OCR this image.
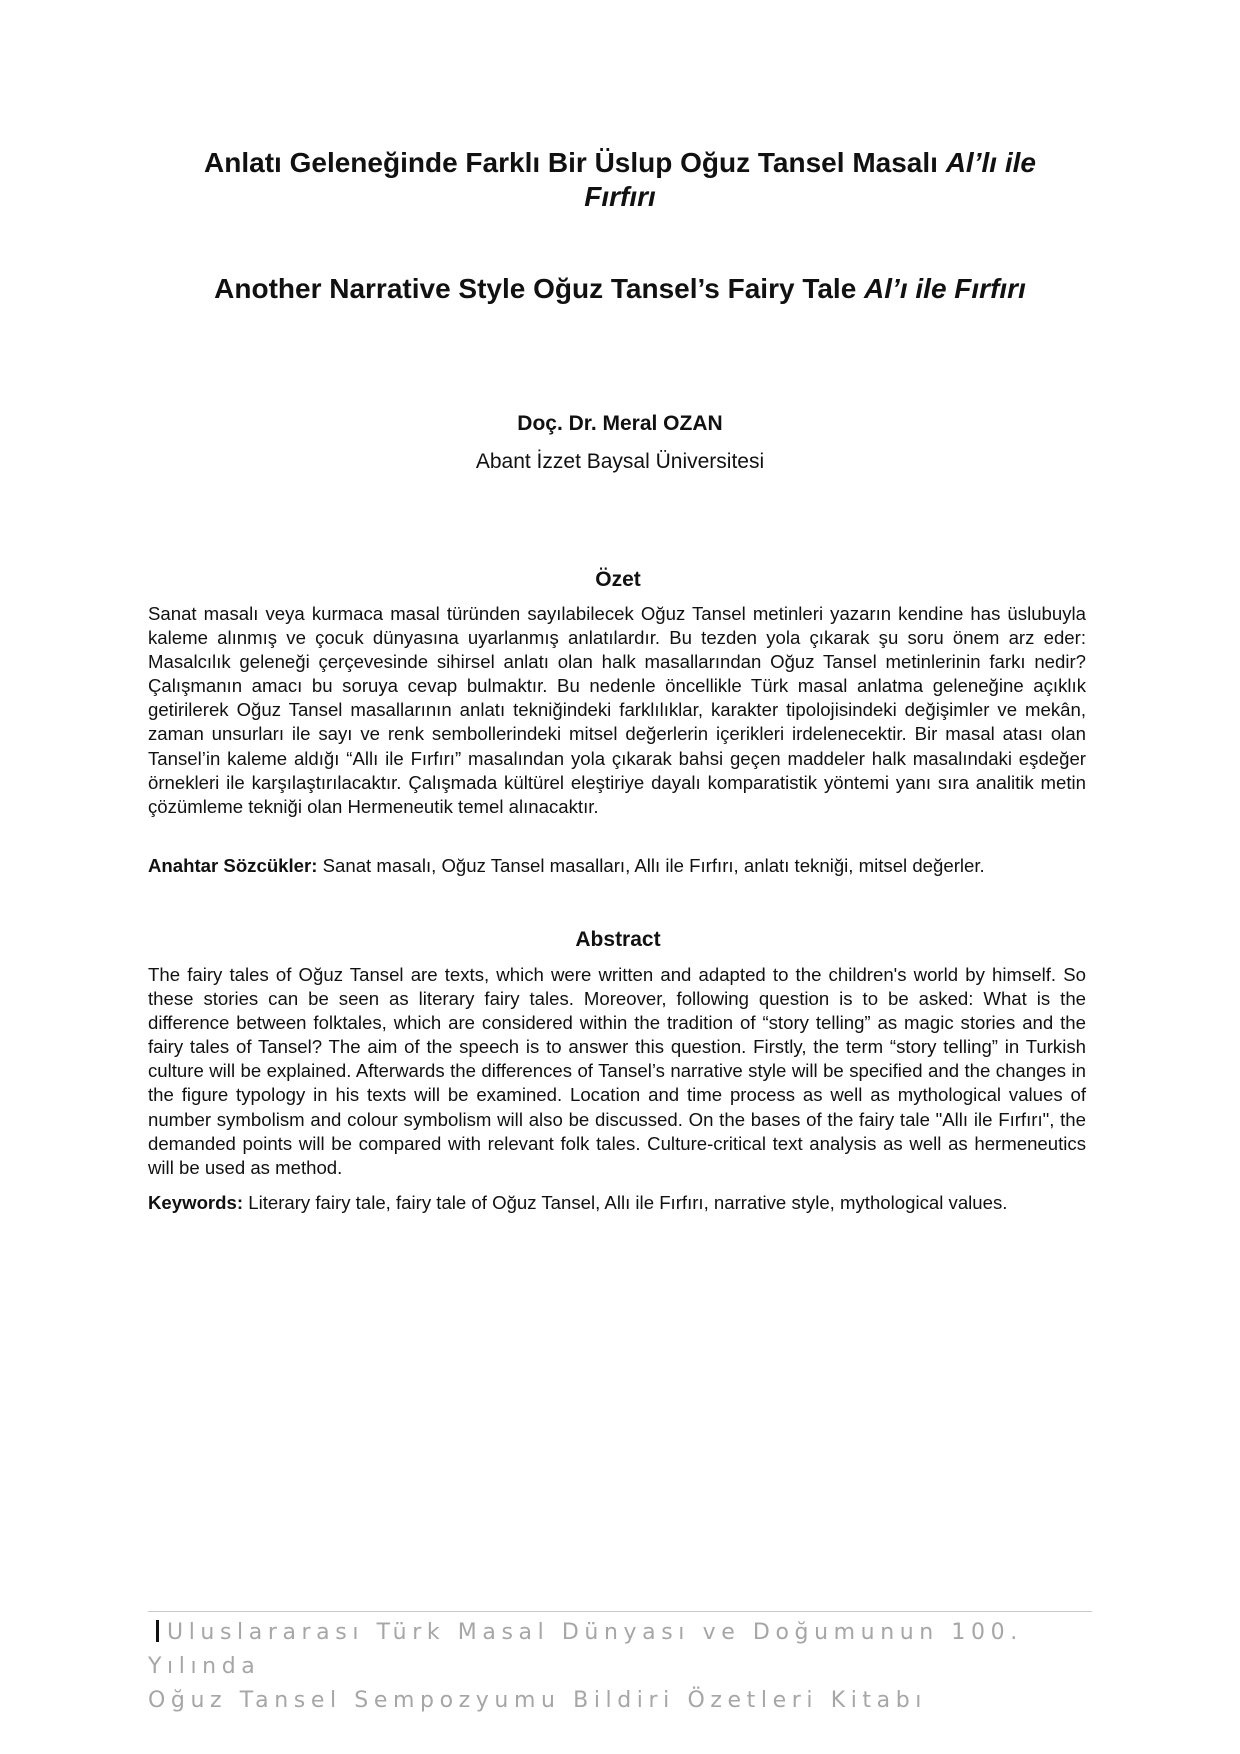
Anlatı Geleneğinde Farklı Bir Üslup Oğuz Tansel Masalı Al’lı ile
Fırfırı
Another Narrative Style Oğuz Tansel’s Fairy Tale Al’ı ile Fırfırı
Doç. Dr. Meral OZAN
Abant İzzet Baysal Üniversitesi
Özet
Sanat masalı veya kurmaca masal türünden sayılabilecek Oğuz Tansel metinleri yazarın kendine has üslubuyla kaleme alınmış ve çocuk dünyasına uyarlanmış anlatılardır. Bu tezden yola çıkarak şu soru önem arz eder: Masalcılık geleneği çerçevesinde sihirsel anlatı olan halk masallarından Oğuz Tansel metinlerinin farkı nedir? Çalışmanın amacı bu soruya cevap bulmaktır. Bu nedenle öncellikle Türk masal anlatma geleneğine açıklık getirilerek Oğuz Tansel masallarının anlatı tekniğindeki farklılıklar, karakter tipolojisindeki değişimler ve mekân, zaman unsurları ile sayı ve renk sembollerindeki mitsel değerlerin içerikleri irdelenecektir. Bir masal atası olan Tansel’in kaleme aldığı “Allı ile Fırfırı” masalından yola çıkarak bahsi geçen maddeler halk masalındaki eşdeğer örnekleri ile karşılaştırılacaktır. Çalışmada kültürel eleştiriye dayalı komparatistik yöntemi yanı sıra analitik metin çözümleme tekniği olan Hermeneutik temel alınacaktır.
Anahtar Sözcükler: Sanat masalı, Oğuz Tansel masalları, Allı ile Fırfırı, anlatı tekniği, mitsel değerler.
Abstract
The fairy tales of Oğuz Tansel are texts, which were written and adapted to the children's world by himself. So these stories can be seen as literary fairy tales. Moreover, following question is to be asked: What is the difference between folktales, which are considered within the tradition of “story telling” as magic stories and the fairy tales of Tansel? The aim of the speech is to answer this question. Firstly, the term “story telling” in Turkish culture will be explained. Afterwards the differences of Tansel’s narrative style will be specified and the changes in the figure typology in his texts will be examined. Location and time process as well as mythological values of number symbolism and colour symbolism will also be discussed. On the bases of the fairy tale "Allı ile Fırfırı", the demanded points will be compared with relevant folk tales. Culture-critical text analysis as well as hermeneutics will be used as method.
Keywords: Literary fairy tale, fairy tale of Oğuz Tansel, Allı ile Fırfırı, narrative style, mythological values.
Uluslararası Türk Masal Dünyası ve Doğumunun 100. Yılında
Oğuz Tansel Sempozyumu Bildiri Özetleri Kitabı
